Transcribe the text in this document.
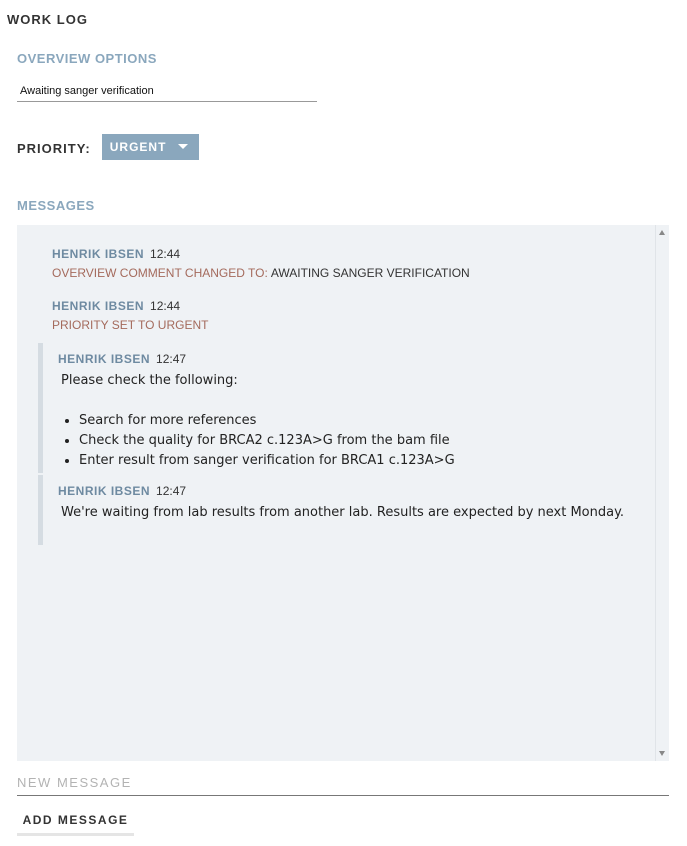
WORK LOG
OVERVIEW OPTIONS
Awaiting sanger verification
PRIORITY: URGENT
MESSAGES
HENRIK IBSEN 12:44
OVERVIEW COMMENT CHANGED TO: AWAITING SANGER VERIFICATION
HENRIK IBSEN 12:44
PRIORITY SET TO URGENT
HENRIK IBSEN 12:47
Please check the following:
• Search for more references
• Check the quality for BRCA2 c.123A>G from the bam file
• Enter result from sanger verification for BRCA1 c.123A>G
HENRIK IBSEN 12:47
We're waiting from lab results from another lab. Results are expected by next Monday.
NEW MESSAGE
ADD MESSAGE
